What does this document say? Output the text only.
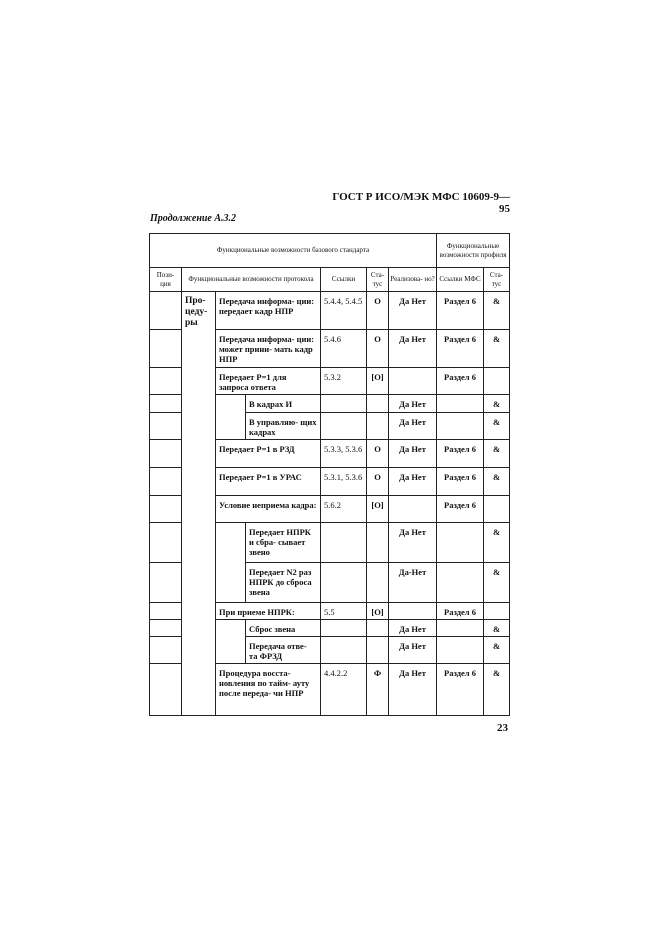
ГОСТ Р ИСО/МЭК МФС 10609-9—95
Продолжение А.3.2
Функциональные возможности базового стандарта							Функциональные возможности профиля	
Пози- ция	Функциональные возможности протокола			Ссылки	Ста- тус	Реализова- но?	Ссылки МФС	Ста- тус
	Про- цеду- ры	Передача информа- ции: передает кадр НПР		5.4.4, 5.4.5	О	Да Нет	Раздел 6	&
		Передача информа- ции: может прини- мать кадр НПР		5.4.6	О	Да Нет	Раздел 6	&
		Передает Р=1 для запроса ответа		5.3.2	[О]		Раздел 6	
			В кадрах И			Да Нет		&
			В управляю- щих кадрах			Да Нет		&
		Передает Р=1 в РЗД		5.3.3, 5.3.6	О	Да Нет	Раздел 6	&
		Передает Р=1 в УРАС		5.3.1, 5.3.6	О	Да Нет	Раздел 6	&
		Условие неприема кадра:		5.6.2	[О]		Раздел 6	
			Передает НПРК и сбра- сывает звено			Да Нет		&
			Передает N2 раз НПРК до сброса звена			Да-Нет		&
		При приеме НПРК:		5.5	[О]		Раздел 6	
			Сброс звена			Да Нет		&
			Передача отве- та ФРЗД			Да Нет		&
		Процедура восста- новления по тайм- ауту после переда- чи НПР		4.4.2.2	Ф	Да Нет	Раздел 6	&
23
